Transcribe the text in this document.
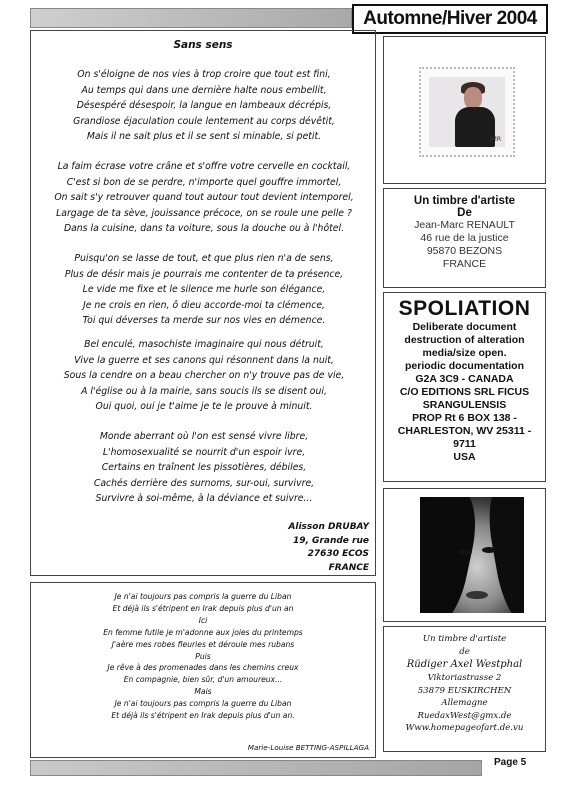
Automne/Hiver 2004
Sans sens
On s'éloigne de nos vies à trop croire que tout est fini,
Au temps qui dans une dernière halte nous embellit,
Désespéré désespoir, la langue en lambeaux décrépis,
Grandiose éjaculation coule lentement au corps dévêtit,
Mais il ne sait plus et il se sent si minable, si petit.
La faim écrase votre crâne et s'offre votre cervelle en cocktail,
C'est si bon de se perdre, n'importe quel gouffre immortel,
On sait s'y retrouver quand tout autour tout devient intemporel,
Largage de ta sève, jouissance précoce, on se roule une pelle ?
Dans la cuisine, dans ta voiture, sous la douche ou à l'hôtel.
Puisqu'on se lasse de tout, et que plus rien n'a de sens,
Plus de désir mais je pourrais me contenter de ta présence,
Le vide me fixe et le silence me hurle son élégance,
Je ne crois en rien, ô dieu accorde-moi ta clémence,
Toi qui déverses ta merde sur nos vies en démence.
Bel enculé, masochiste imaginaire qui nous détruit,
Vive la guerre et ses canons qui résonnent dans la nuit,
Sous la cendre on a beau chercher on n'y trouve pas de vie,
A l'église ou à la mairie, sans soucis ils se disent oui,
Oui quoi, oui je t'aime je te le prouve à minuit.
Monde aberrant où l'on est sensé vivre libre,
L'homosexualité se nourrit d'un espoir ivre,
Certains en traînent les pissotières, débiles,
Cachés derrière des surnoms, sur-oui, survivre,
Survivre à soi-même, à la déviance et suivre...
Alisson DRUBAY
19, Grande rue
27630 ECOS
FRANCE
Je n'ai toujours pas compris la guerre du Liban
Et déjà ils s'étripent en Irak depuis plus d'un an
Ici
En femme futile je m'adonne aux joies du printemps
J'aère mes robes fleuries et déroule mes rubans
Puis
Je rêve à des promenades dans les chemins creux
En compagnie, bien sûr, d'un amoureux...
Mais
Je n'ai toujours pas compris la guerre du Liban
Et déjà ils s'étripent en Irak depuis plus d'un an.
Marie-Louise BETTING-ASPILLAGA
JMR
Un timbre d'artiste
De
Jean-Marc RENAULT
46 rue de la justice
95870 BEZONS
FRANCE
SPOLIATION
Deliberate document
destruction of alteration
media/size open.
periodic documentation
G2A 3C9 - CANADA
C/O EDITIONS SRL FICUS
SRANGULENSIS
PROP Rt 6 BOX 138 -
CHARLESTON, WV 25311 -
9711
USA
Un timbre d'artiste
de
Rüdiger Axel Westphal
Viktoriastrasse 2
53879 EUSKIRCHEN
Allemagne
RuedaxWest@gmx.de
Www.homepageofart.de.vu
Page 5
